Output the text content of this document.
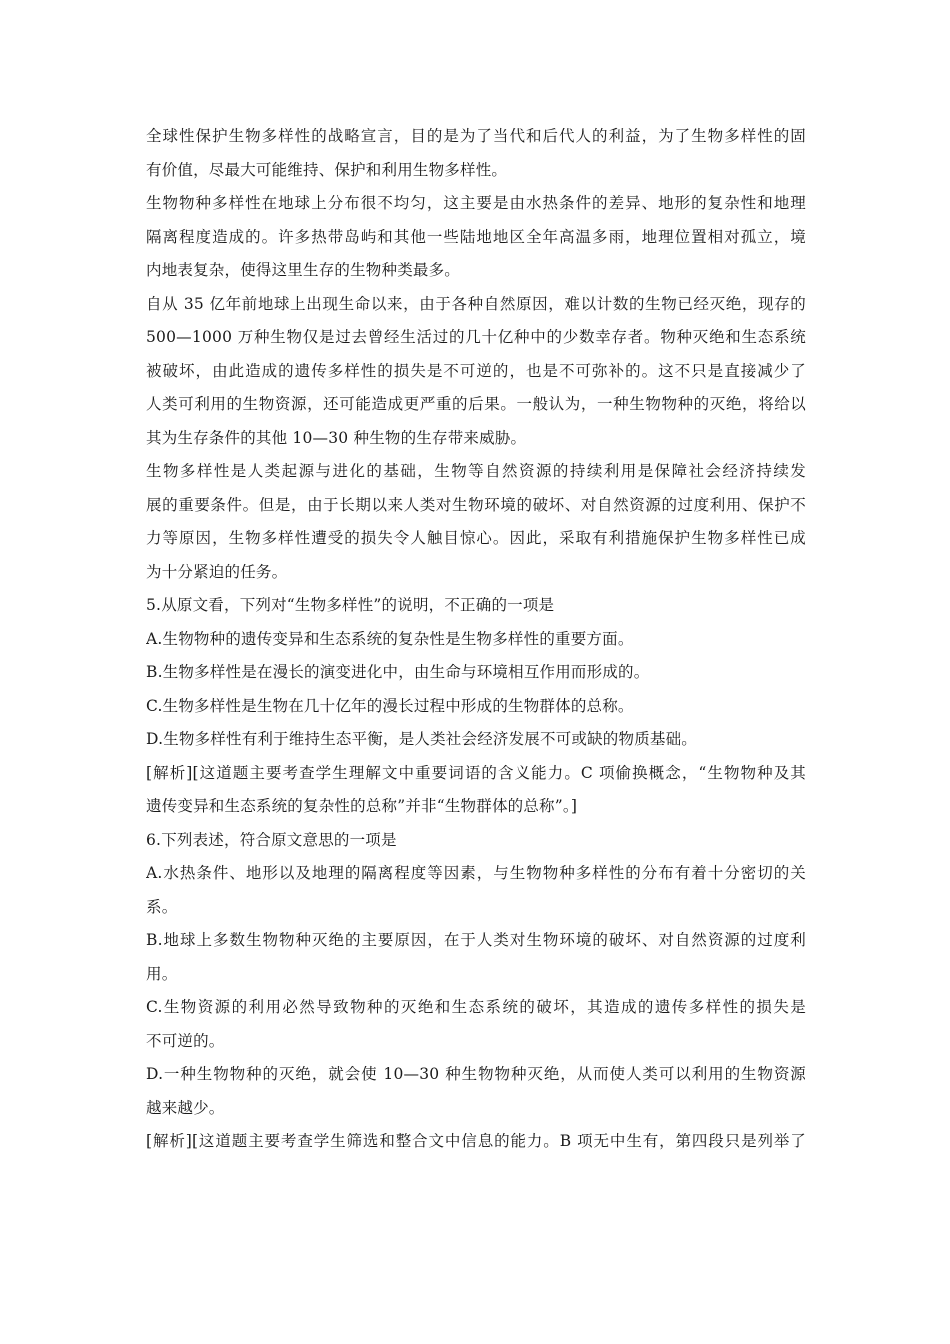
全球性保护生物多样性的战略宣言，目的是为了当代和后代人的利益，为了生物多样性的固
有价值，尽最大可能维持、保护和利用生物多样性。
生物物种多样性在地球上分布很不均匀，这主要是由水热条件的差异、地形的复杂性和地理
隔离程度造成的。许多热带岛屿和其他一些陆地地区全年高温多雨，地理位置相对孤立，境
内地表复杂，使得这里生存的生物种类最多。
自从 35 亿年前地球上出现生命以来，由于各种自然原因，难以计数的生物已经灭绝，现存的
500—1000 万种生物仅是过去曾经生活过的几十亿种中的少数幸存者。物种灭绝和生态系统
被破坏，由此造成的遗传多样性的损失是不可逆的，也是不可弥补的。这不只是直接减少了
人类可利用的生物资源，还可能造成更严重的后果。一般认为，一种生物物种的灭绝，将给以
其为生存条件的其他 10—30 种生物的生存带来威胁。
生物多样性是人类起源与进化的基础，生物等自然资源的持续利用是保障社会经济持续发
展的重要条件。但是，由于长期以来人类对生物环境的破坏、对自然资源的过度利用、保护不
力等原因，生物多样性遭受的损失令人触目惊心。因此，采取有利措施保护生物多样性已成
为十分紧迫的任务。
5.从原文看，下列对“生物多样性”的说明，不正确的一项是
A.生物物种的遗传变异和生态系统的复杂性是生物多样性的重要方面。
B.生物多样性是在漫长的演变进化中，由生命与环境相互作用而形成的。
C.生物多样性是生物在几十亿年的漫长过程中形成的生物群体的总称。
D.生物多样性有利于维持生态平衡，是人类社会经济发展不可或缺的物质基础。
[解析][这道题主要考查学生理解文中重要词语的含义能力。C 项偷换概念，“生物物种及其
遗传变异和生态系统的复杂性的总称”并非“生物群体的总称”。]
6.下列表述，符合原文意思的一项是
A.水热条件、地形以及地理的隔离程度等因素，与生物物种多样性的分布有着十分密切的关
系。
B.地球上多数生物物种灭绝的主要原因，在于人类对生物环境的破坏、对自然资源的过度利
用。
C.生物资源的利用必然导致物种的灭绝和生态系统的破坏，其造成的遗传多样性的损失是
不可逆的。
D.一种生物物种的灭绝，就会使 10—30 种生物物种灭绝，从而使人类可以利用的生物资源
越来越少。
[解析][这道题主要考查学生筛选和整合文中信息的能力。B 项无中生有，第四段只是列举了
